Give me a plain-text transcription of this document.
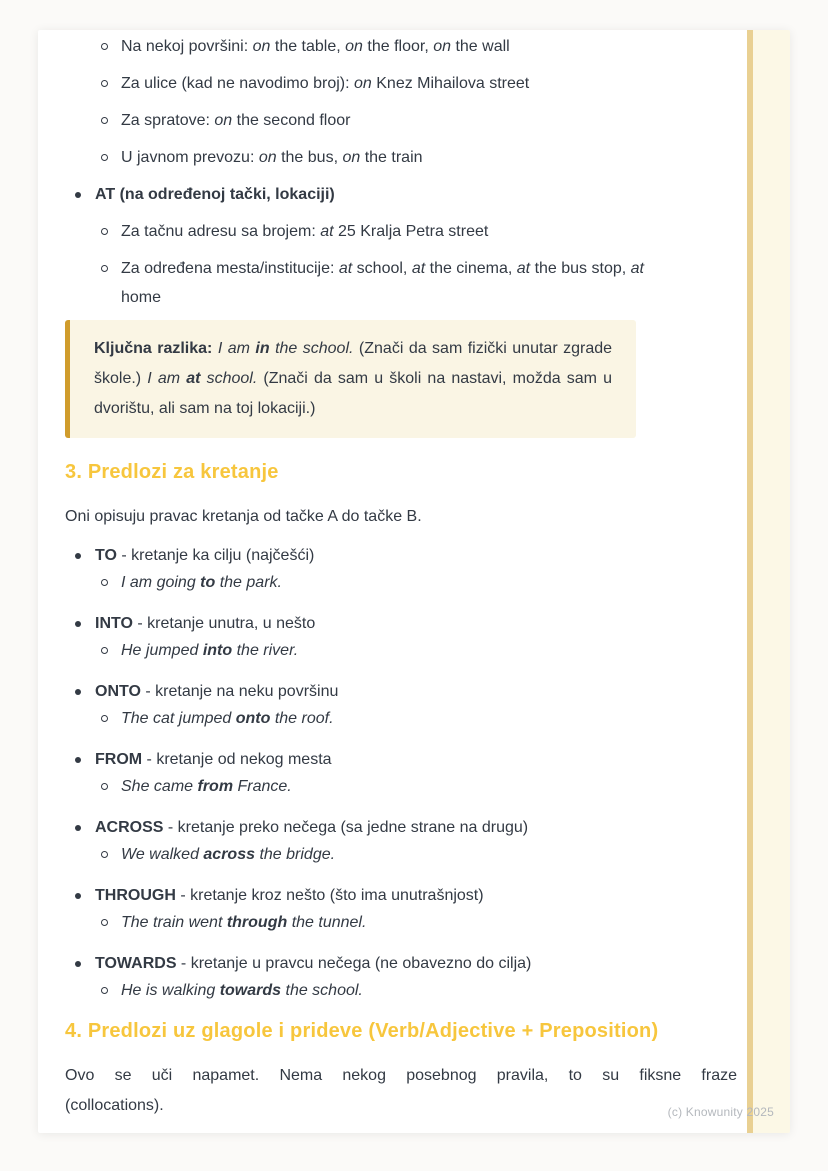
Na nekoj površini: on the table, on the floor, on the wall
Za ulice (kad ne navodimo broj): on Knez Mihailova street
Za spratove: on the second floor
U javnom prevozu: on the bus, on the train
AT (na određenoj tački, lokaciji)
Za tačnu adresu sa brojem: at 25 Kralja Petra street
Za određena mesta/institucije: at school, at the cinema, at the bus stop, at home
Ključna razlika: I am in the school. (Znači da sam fizički unutar zgrade škole.) I am at school. (Znači da sam u školi na nastavi, možda sam u dvorištu, ali sam na toj lokaciji.)
3. Predlozi za kretanje
Oni opisuju pravac kretanja od tačke A do tačke B.
TO - kretanje ka cilju (najčešći)
I am going to the park.
INTO - kretanje unutra, u nešto
He jumped into the river.
ONTO - kretanje na neku površinu
The cat jumped onto the roof.
FROM - kretanje od nekog mesta
She came from France.
ACROSS - kretanje preko nečega (sa jedne strane na drugu)
We walked across the bridge.
THROUGH - kretanje kroz nešto (što ima unutrašnjost)
The train went through the tunnel.
TOWARDS - kretanje u pravcu nečega (ne obavezno do cilja)
He is walking towards the school.
4. Predlozi uz glagole i prideve (Verb/Adjective + Preposition)
Ovo se uči napamet. Nema nekog posebnog pravila, to su fiksne fraze
(collocations).	(c) Knowunity 2025
